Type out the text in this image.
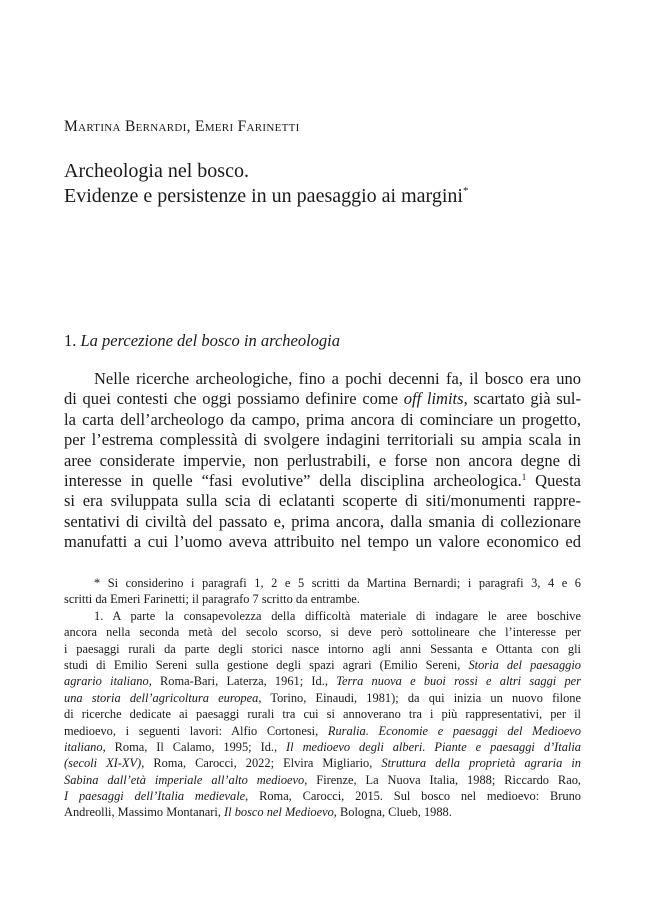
Martina Bernardi, Emeri Farinetti
Archeologia nel bosco.
Evidenze e persistenze in un paesaggio ai margini*
1. La percezione del bosco in archeologia
Nelle ricerche archeologiche, fino a pochi decenni fa, il bosco era uno
di quei contesti che oggi possiamo definire come off limits, scartato già sul-
la carta dell’archeologo da campo, prima ancora di cominciare un progetto,
per l’estrema complessità di svolgere indagini territoriali su ampia scala in
aree considerate impervie, non perlustrabili, e forse non ancora degne di
interesse in quelle “fasi evolutive” della disciplina archeologica.$^1$ Questa
si era sviluppata sulla scia di eclatanti scoperte di siti/monumenti rappre-
sentativi di civiltà del passato e, prima ancora, dalla smania di collezionare
manufatti a cui l’uomo aveva attribuito nel tempo un valore economico ed
* Si considerino i paragrafi 1, 2 e 5 scritti da Martina Bernardi; i paragrafi 3, 4 e 6
scritti da Emeri Farinetti; il paragrafo 7 scritto da entrambe.
1. A parte la consapevolezza della difficoltà materiale di indagare le aree boschive
ancora nella seconda metà del secolo scorso, si deve però sottolineare che l’interesse per
i paesaggi rurali da parte degli storici nasce intorno agli anni Sessanta e Ottanta con gli
studi di Emilio Sereni sulla gestione degli spazi agrari (Emilio Sereni, Storia del paesaggio
agrario italiano, Roma-Bari, Laterza, 1961; Id., Terra nuova e buoi rossi e altri saggi per
una storia dell’agricoltura europea, Torino, Einaudi, 1981); da qui inizia un nuovo filone
di ricerche dedicate ai paesaggi rurali tra cui si annoverano tra i più rappresentativi, per il
medioevo, i seguenti lavori: Alfio Cortonesi, Ruralia. Economie e paesaggi del Medioevo
italiano, Roma, Il Calamo, 1995; Id., Il medioevo degli alberi. Piante e paesaggi d’Italia
(secoli XI-XV), Roma, Carocci, 2022; Elvira Migliario, Struttura della proprietà agraria in
Sabina dall’età imperiale all’alto medioevo, Firenze, La Nuova Italia, 1988; Riccardo Rao,
I paesaggi dell’Italia medievale, Roma, Carocci, 2015. Sul bosco nel medioevo: Bruno
Andreolli, Massimo Montanari, Il bosco nel Medioevo, Bologna, Clueb, 1988.
